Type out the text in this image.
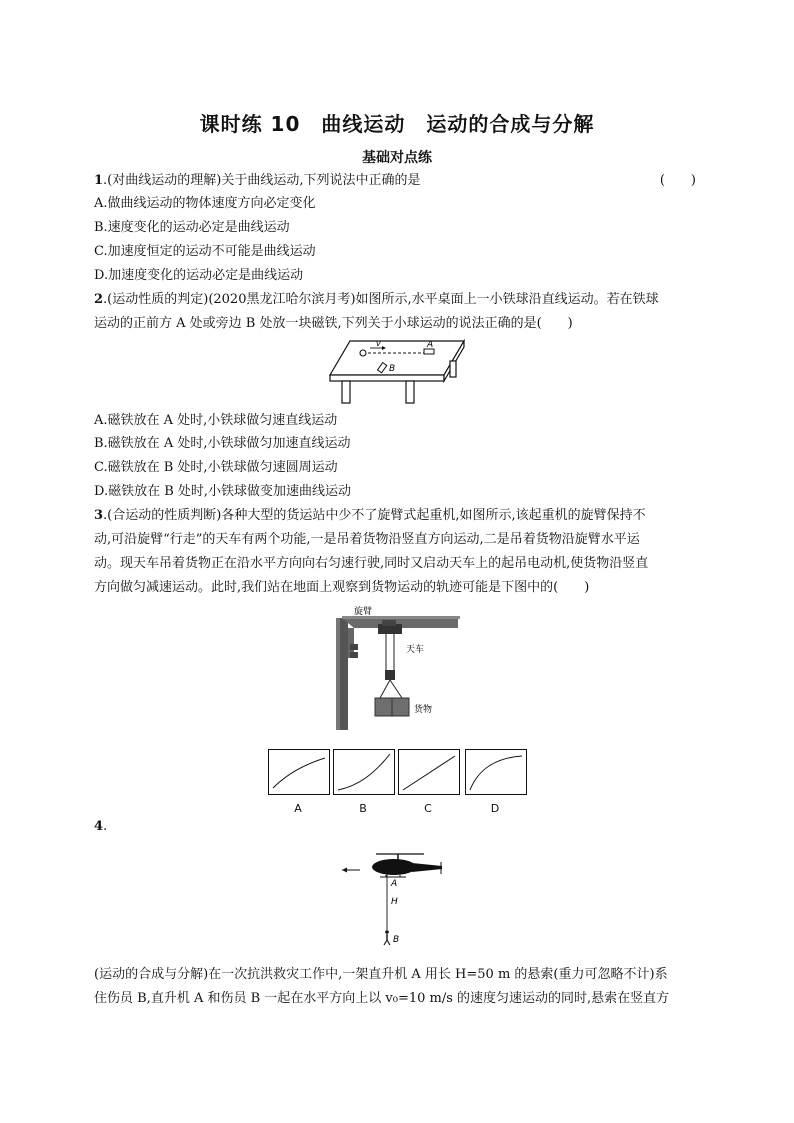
课时练 10　曲线运动　运动的合成与分解
基础对点练
1.(对曲线运动的理解)关于曲线运动,下列说法中正确的是	(　　)
A.做曲线运动的物体速度方向必定变化
B.速度变化的运动必定是曲线运动
C.加速度恒定的运动不可能是曲线运动
D.加速度变化的运动必定是曲线运动
2.(运动性质的判定)(2020黑龙江哈尔滨月考)如图所示,水平桌面上一小铁球沿直线运动。若在铁球
运动的正前方 A 处或旁边 B 处放一块磁铁,下列关于小球运动的说法正确的是(　　)
v	A
B
A.磁铁放在 A 处时,小铁球做匀速直线运动
B.磁铁放在 A 处时,小铁球做匀加速直线运动
C.磁铁放在 B 处时,小铁球做匀速圆周运动
D.磁铁放在 B 处时,小铁球做变加速曲线运动
3.(合运动的性质判断)各种大型的货运站中少不了旋臂式起重机,如图所示,该起重机的旋臂保持不
动,可沿旋臂“行走”的天车有两个功能,一是吊着货物沿竖直方向运动,二是吊着货物沿旋臂水平运
动。现天车吊着货物正在沿水平方向向右匀速行驶,同时又启动天车上的起吊电动机,使货物沿竖直
方向做匀减速运动。此时,我们站在地面上观察到货物运动的轨迹可能是下图中的(　　)
旋臂
天车
货物
A	B	C	D
4.
A
H
B
(运动的合成与分解)在一次抗洪救灾工作中,一架直升机 A 用长 H=50 m 的悬索(重力可忽略不计)系
住伤员 B,直升机 A 和伤员 B 一起在水平方向上以 v₀=10 m/s 的速度匀速运动的同时,悬索在竖直方
